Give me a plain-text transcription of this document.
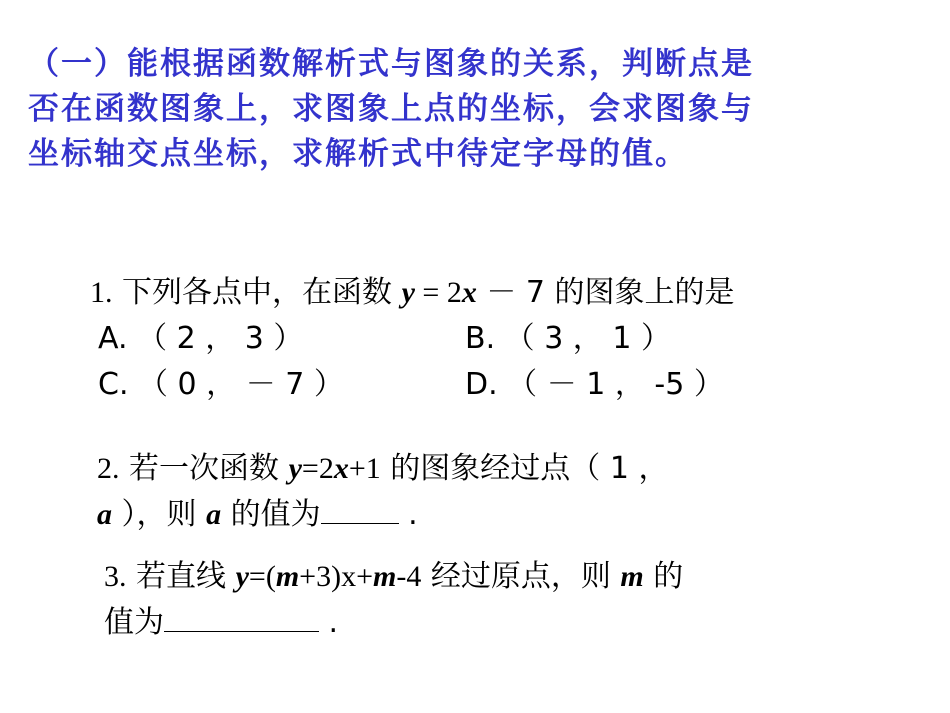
（一）能根据函数解析式与图象的关系，判断点是
否在函数图象上，求图象上点的坐标，会求图象与
坐标轴交点坐标，求解析式中待定字母的值。
1. 下列各点中，在函数 y = 2x － 7 的图象上的是
A. （ 2 ， 3 ）	B. （ 3 ， 1 ）
C. （ 0 ， － 7 ）	D. （ － 1 ， -5 ）
2. 若一次函数 y=2x+1 的图象经过点（ 1 ，
a ），则 a 的值为	.
3. 若直线 y=(m+3)x+m-4 经过原点，则 m 的
值为	.
